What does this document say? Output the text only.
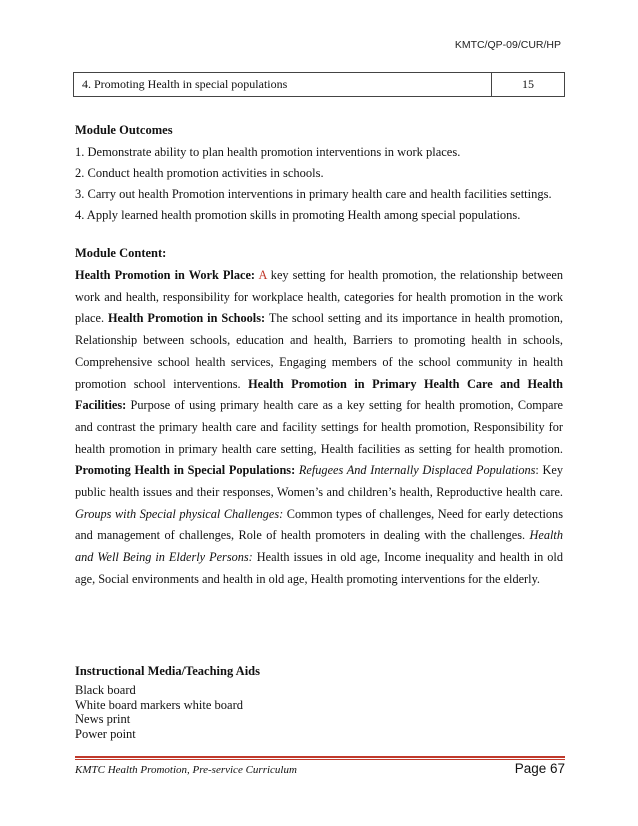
KMTC/QP-09/CUR/HP
4. Promoting Health in special populations	15
Module Outcomes
1. Demonstrate ability to plan health promotion interventions in work places.
2. Conduct health promotion activities in schools.
3. Carry out health Promotion interventions in primary health care and health facilities settings.
4. Apply learned health promotion skills in promoting Health among special populations.
Module Content:
Health Promotion in Work Place: A key setting for health promotion, the relationship between work and health, responsibility for workplace health, categories for health promotion in the work place. Health Promotion in Schools: The school setting and its importance in health promotion, Relationship between schools, education and health, Barriers to promoting health in schools, Comprehensive school health services, Engaging members of the school community in health promotion school interventions. Health Promotion in Primary Health Care and Health Facilities: Purpose of using primary health care as a key setting for health promotion, Compare and contrast the primary health care and facility settings for health promotion, Responsibility for health promotion in primary health care setting, Health facilities as setting for health promotion. Promoting Health in Special Populations: Refugees And Internally Displaced Populations: Key public health issues and their responses, Women’s and children’s health, Reproductive health care. Groups with Special physical Challenges: Common types of challenges, Need for early detections and management of challenges, Role of health promoters in dealing with the challenges. Health and Well Being in Elderly Persons: Health issues in old age, Income inequality and health in old age, Social environments and health in old age, Health promoting interventions for the elderly.
Instructional Media/Teaching Aids
Black board
White board markers white board
News print
Power point
KMTC Health Promotion, Pre-service Curriculum	Page 67
